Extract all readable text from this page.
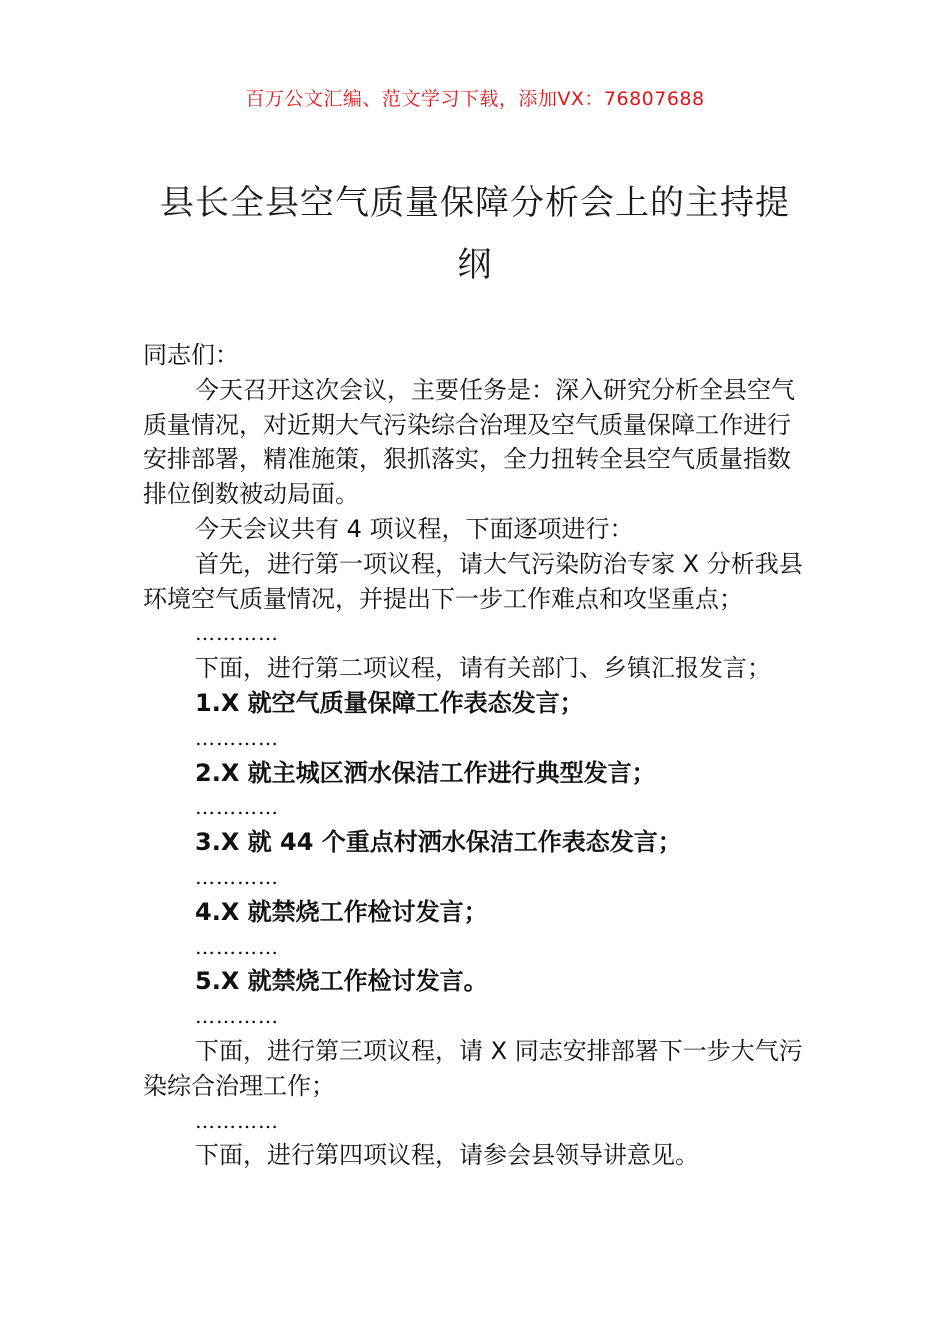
百万公文汇编、范文学习下载，添加VX：76807688
县长全县空气质量保障分析会上的主持提纲

同志们：

今天召开这次会议，主要任务是：深入研究分析全县空气质量情况，对近期大气污染综合治理及空气质量保障工作进行安排部署，精准施策，狠抓落实，全力扭转全县空气质量指数排位倒数被动局面。

今天会议共有 4 项议程，下面逐项进行：

首先，进行第一项议程，请大气污染防治专家 X 分析我县环境空气质量情况，并提出下一步工作难点和攻坚重点；

…………

下面，进行第二项议程，请有关部门、乡镇汇报发言；

1.X 就空气质量保障工作表态发言；

…………

2.X 就主城区洒水保洁工作进行典型发言；

…………

3.X 就 44 个重点村洒水保洁工作表态发言；

…………

4.X 就禁烧工作检讨发言；

…………

5.X 就禁烧工作检讨发言。

…………

下面，进行第三项议程，请 X 同志安排部署下一步大气污染综合治理工作；

…………

下面，进行第四项议程，请参会县领导讲意见。
